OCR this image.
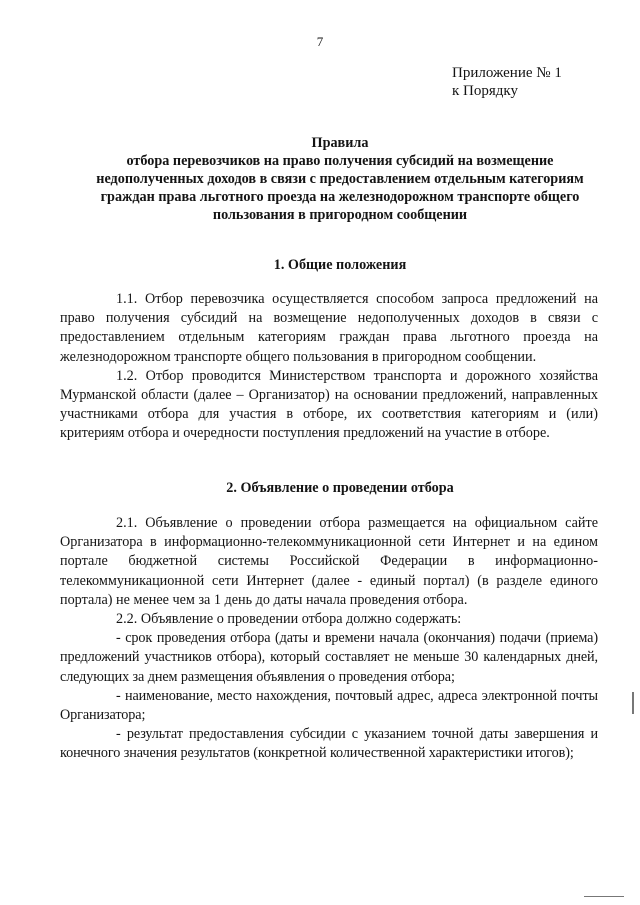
7
Приложение № 1
к Порядку
Правила
отбора перевозчиков на право получения субсидий на возмещение недополученных доходов в связи с предоставлением отдельным категориям граждан права льготного проезда на железнодорожном транспорте общего пользования в пригородном сообщении
1. Общие положения

1.1. Отбор перевозчика осуществляется способом запроса предложений на право получения субсидий на возмещение недополученных доходов в связи с предоставлением отдельным категориям граждан права льготного проезда на железнодорожном транспорте общего пользования в пригородном сообщении.

1.2. Отбор проводится Министерством транспорта и дорожного хозяйства Мурманской области (далее – Организатор) на основании предложений, направленных участниками отбора для участия в отборе, их соответствия категориям и (или) критериям отбора и очередности поступления предложений на участие в отборе.

2. Объявление о проведении отбора

2.1. Объявление о проведении отбора размещается на официальном сайте Организатора в информационно-телекоммуникационной сети Интернет и на едином портале бюджетной системы Российской Федерации в информационно-телекоммуникационной сети Интернет (далее - единый портал) (в разделе единого портала) не менее чем за 1 день до даты начала проведения отбора.

2.2. Объявление о проведении отбора должно содержать:

- срок проведения отбора (даты и времени начала (окончания) подачи (приема) предложений участников отбора), который составляет не меньше 30 календарных дней, следующих за днем размещения объявления о проведения отбора;

- наименование, место нахождения, почтовый адрес, адреса электронной почты Организатора;

- результат предоставления субсидии с указанием точной даты завершения и конечного значения результатов (конкретной количественной характеристики итогов);
